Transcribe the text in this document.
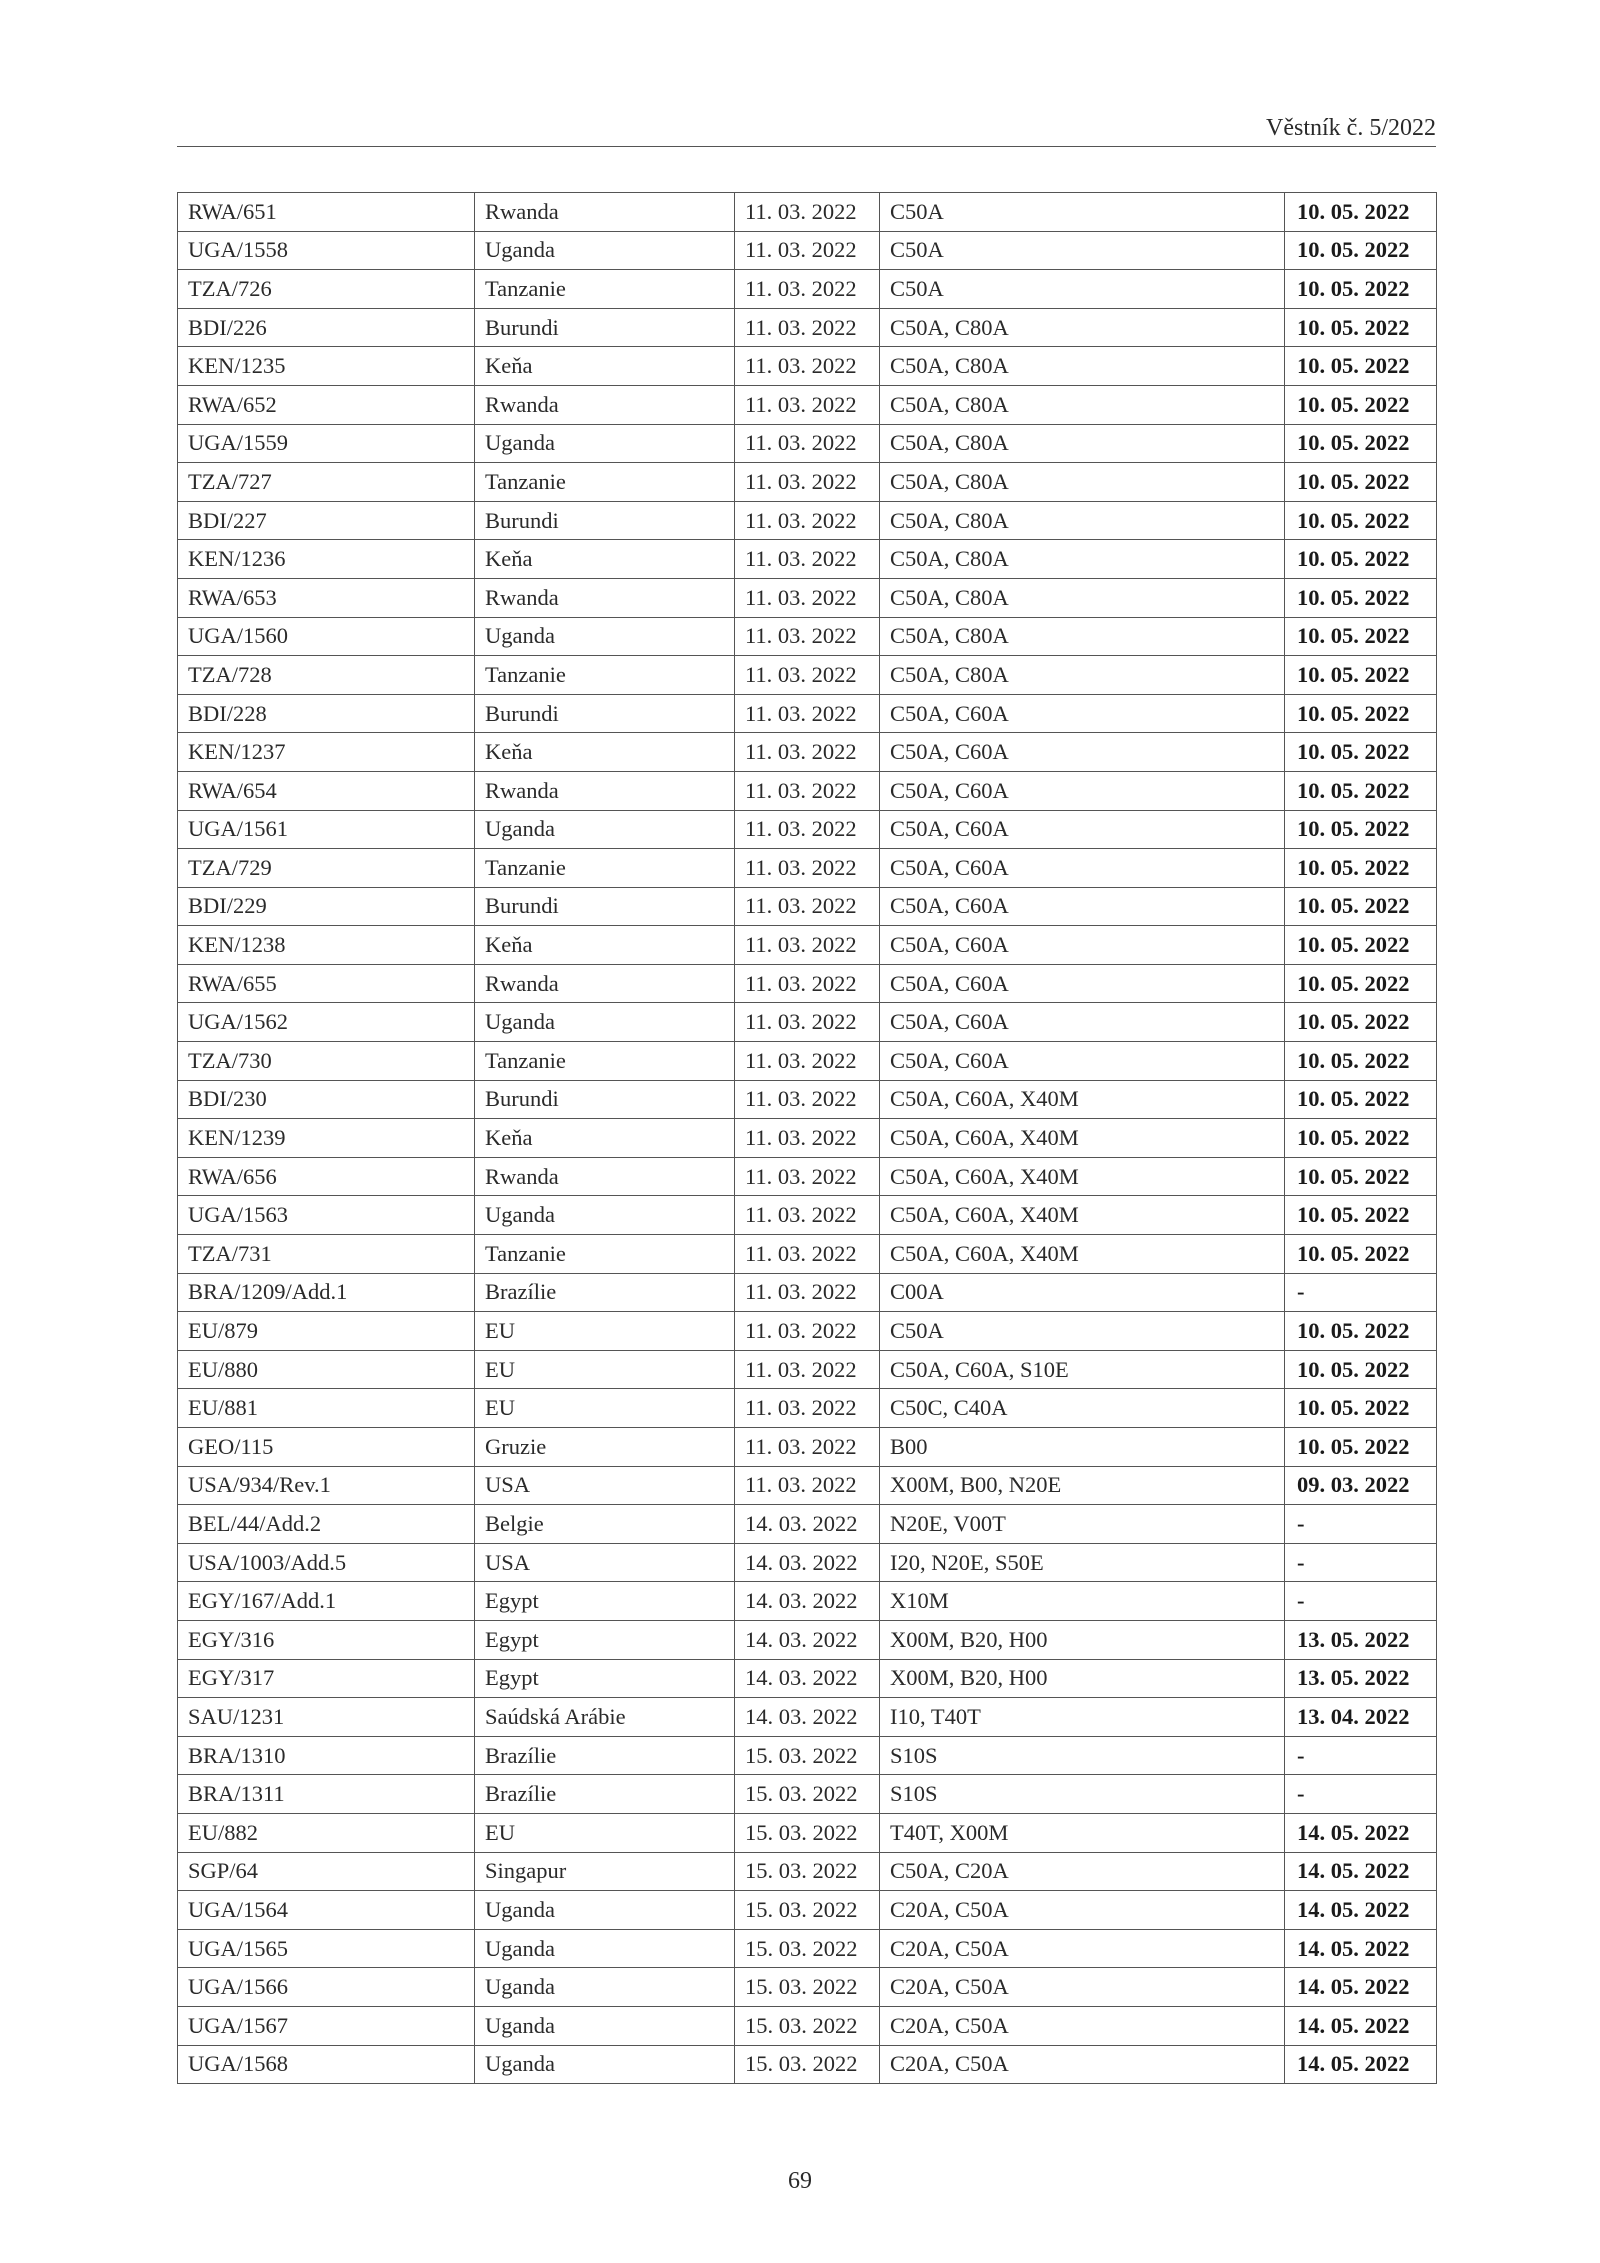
Věstník č. 5/2022
RWA/651	Rwanda	11. 03. 2022	C50A	10. 05. 2022
UGA/1558	Uganda	11. 03. 2022	C50A	10. 05. 2022
TZA/726	Tanzanie	11. 03. 2022	C50A	10. 05. 2022
BDI/226	Burundi	11. 03. 2022	C50A, C80A	10. 05. 2022
KEN/1235	Keňa	11. 03. 2022	C50A, C80A	10. 05. 2022
RWA/652	Rwanda	11. 03. 2022	C50A, C80A	10. 05. 2022
UGA/1559	Uganda	11. 03. 2022	C50A, C80A	10. 05. 2022
TZA/727	Tanzanie	11. 03. 2022	C50A, C80A	10. 05. 2022
BDI/227	Burundi	11. 03. 2022	C50A, C80A	10. 05. 2022
KEN/1236	Keňa	11. 03. 2022	C50A, C80A	10. 05. 2022
RWA/653	Rwanda	11. 03. 2022	C50A, C80A	10. 05. 2022
UGA/1560	Uganda	11. 03. 2022	C50A, C80A	10. 05. 2022
TZA/728	Tanzanie	11. 03. 2022	C50A, C80A	10. 05. 2022
BDI/228	Burundi	11. 03. 2022	C50A, C60A	10. 05. 2022
KEN/1237	Keňa	11. 03. 2022	C50A, C60A	10. 05. 2022
RWA/654	Rwanda	11. 03. 2022	C50A, C60A	10. 05. 2022
UGA/1561	Uganda	11. 03. 2022	C50A, C60A	10. 05. 2022
TZA/729	Tanzanie	11. 03. 2022	C50A, C60A	10. 05. 2022
BDI/229	Burundi	11. 03. 2022	C50A, C60A	10. 05. 2022
KEN/1238	Keňa	11. 03. 2022	C50A, C60A	10. 05. 2022
RWA/655	Rwanda	11. 03. 2022	C50A, C60A	10. 05. 2022
UGA/1562	Uganda	11. 03. 2022	C50A, C60A	10. 05. 2022
TZA/730	Tanzanie	11. 03. 2022	C50A, C60A	10. 05. 2022
BDI/230	Burundi	11. 03. 2022	C50A, C60A, X40M	10. 05. 2022
KEN/1239	Keňa	11. 03. 2022	C50A, C60A, X40M	10. 05. 2022
RWA/656	Rwanda	11. 03. 2022	C50A, C60A, X40M	10. 05. 2022
UGA/1563	Uganda	11. 03. 2022	C50A, C60A, X40M	10. 05. 2022
TZA/731	Tanzanie	11. 03. 2022	C50A, C60A, X40M	10. 05. 2022
BRA/1209/Add.1	Brazílie	11. 03. 2022	C00A	-
EU/879	EU	11. 03. 2022	C50A	10. 05. 2022
EU/880	EU	11. 03. 2022	C50A, C60A, S10E	10. 05. 2022
EU/881	EU	11. 03. 2022	C50C, C40A	10. 05. 2022
GEO/115	Gruzie	11. 03. 2022	B00	10. 05. 2022
USA/934/Rev.1	USA	11. 03. 2022	X00M, B00, N20E	09. 03. 2022
BEL/44/Add.2	Belgie	14. 03. 2022	N20E, V00T	-
USA/1003/Add.5	USA	14. 03. 2022	I20, N20E, S50E	-
EGY/167/Add.1	Egypt	14. 03. 2022	X10M	-
EGY/316	Egypt	14. 03. 2022	X00M, B20, H00	13. 05. 2022
EGY/317	Egypt	14. 03. 2022	X00M, B20, H00	13. 05. 2022
SAU/1231	Saúdská Arábie	14. 03. 2022	I10, T40T	13. 04. 2022
BRA/1310	Brazílie	15. 03. 2022	S10S	-
BRA/1311	Brazílie	15. 03. 2022	S10S	-
EU/882	EU	15. 03. 2022	T40T, X00M	14. 05. 2022
SGP/64	Singapur	15. 03. 2022	C50A, C20A	14. 05. 2022
UGA/1564	Uganda	15. 03. 2022	C20A, C50A	14. 05. 2022
UGA/1565	Uganda	15. 03. 2022	C20A, C50A	14. 05. 2022
UGA/1566	Uganda	15. 03. 2022	C20A, C50A	14. 05. 2022
UGA/1567	Uganda	15. 03. 2022	C20A, C50A	14. 05. 2022
UGA/1568	Uganda	15. 03. 2022	C20A, C50A	14. 05. 2022
69
